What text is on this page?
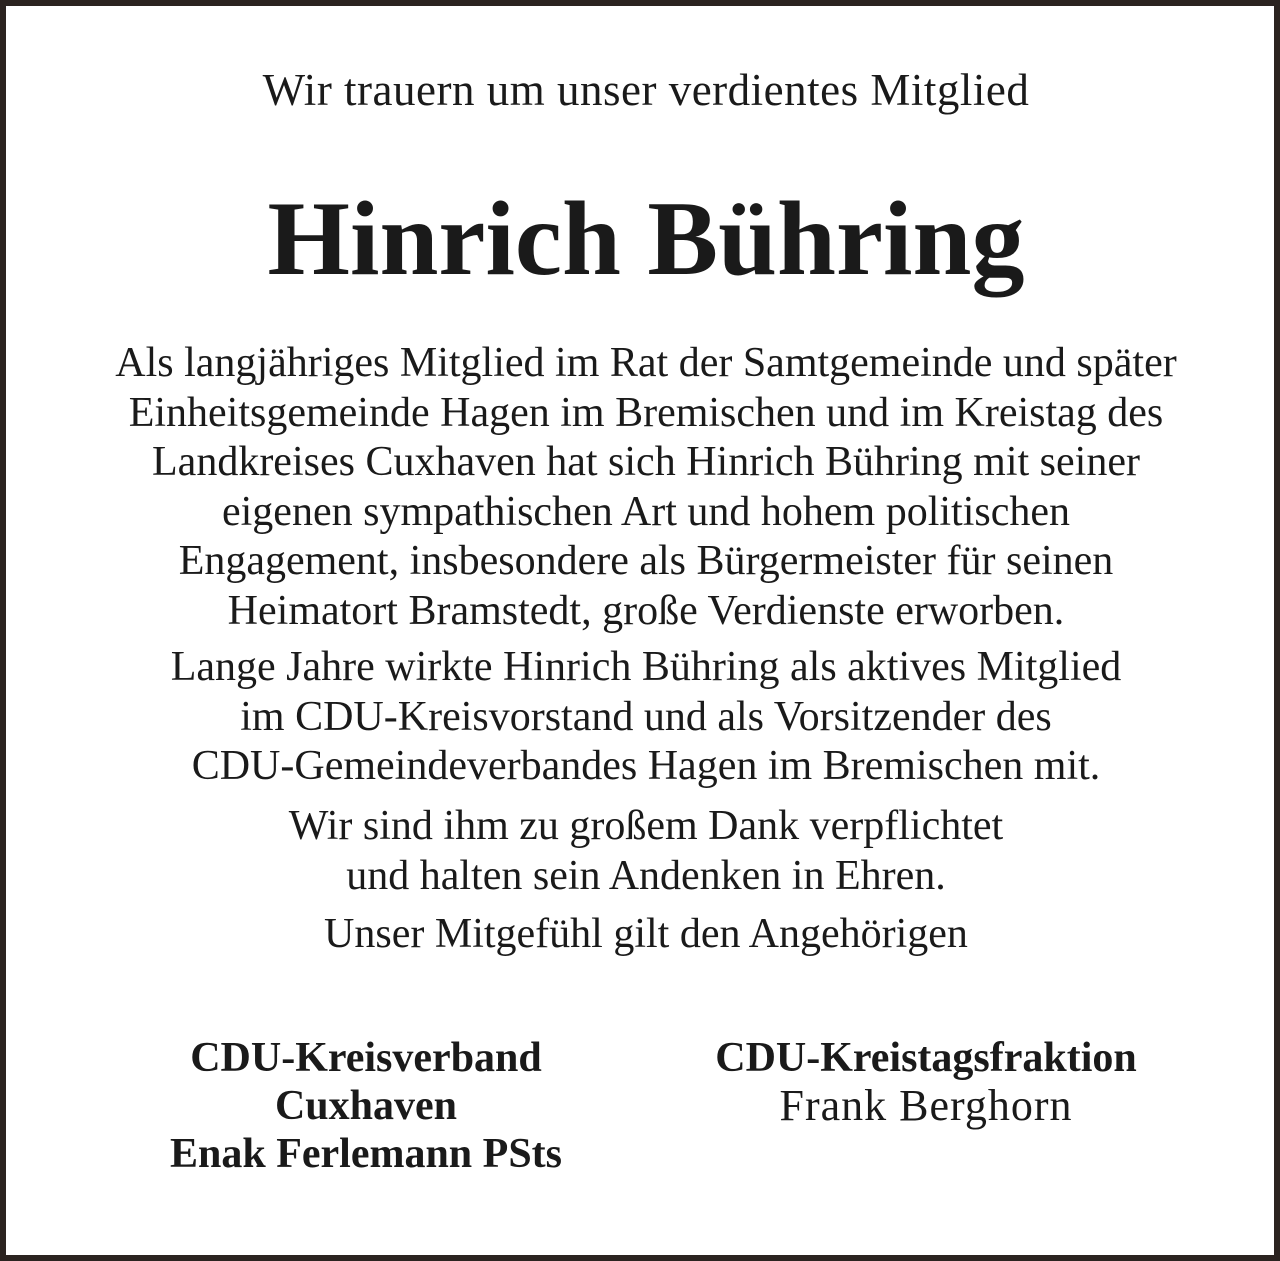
Wir trauern um unser verdientes Mitglied
Hinrich Bühring
Als langjähriges Mitglied im Rat der Samtgemeinde und später
Einheitsgemeinde Hagen im Bremischen und im Kreistag des
Landkreises Cuxhaven hat sich Hinrich Bühring mit seiner
eigenen sympathischen Art und hohem politischen
Engagement, insbesondere als Bürgermeister für seinen
Heimatort Bramstedt, große Verdienste erworben.
Lange Jahre wirkte Hinrich Bühring als aktives Mitglied
im CDU-Kreisvorstand und als Vorsitzender des
CDU-Gemeindeverbandes Hagen im Bremischen mit.
Wir sind ihm zu großem Dank verpflichtet
und halten sein Andenken in Ehren.
Unser Mitgefühl gilt den Angehörigen
CDU-Kreisverband
Cuxhaven
Enak Ferlemann PSts
CDU-Kreistagsfraktion
Frank Berghorn
